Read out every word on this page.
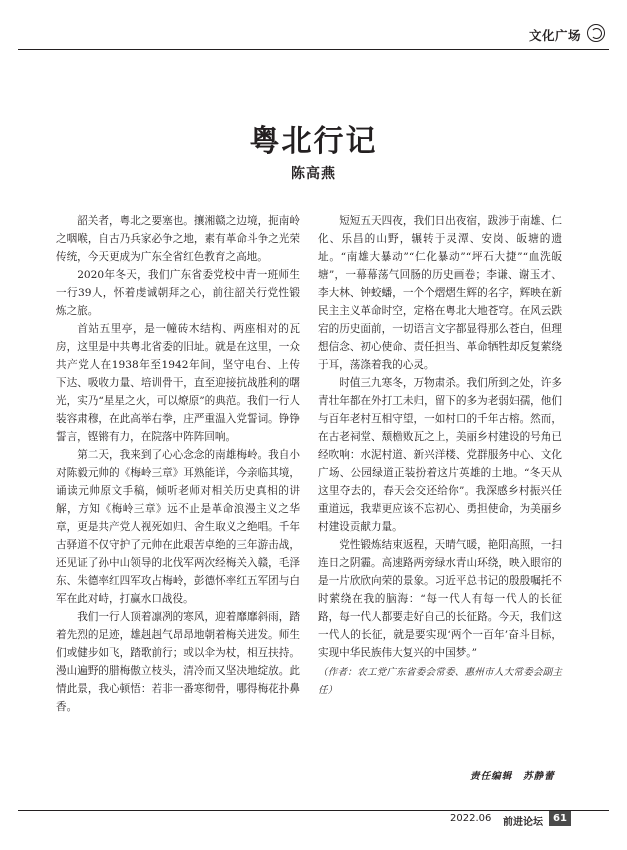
文化广场
粤北行记
陈高燕

韶关者，粤北之要塞也。攘湘赣之边境，扼南岭之咽喉，自古乃兵家必争之地，素有革命斗争之光荣传统，今天更成为广东全省红色教育之高地。

2020年冬天，我们广东省委党校中青一班师生一行39人，怀着虔诚朝拜之心，前往韶关行党性锻炼之旅。

首站五里亭，是一幢砖木结构、两座相对的瓦房，这里是中共粤北省委的旧址。就是在这里，一众共产党人在1938年至1942年间，坚守电台、上传下达、吸收力量、培训骨干，直至迎接抗战胜利的曙光，实乃“星星之火，可以燎原”的典范。我们一行人装容肃穆，在此高举右拳，庄严重温入党誓词。铮铮誓言，铿锵有力，在院落中阵阵回响。

第二天，我来到了心心念念的南雄梅岭。我自小对陈毅元帅的《梅岭三章》耳熟能详，今亲临其境，诵读元帅原文手稿，倾听老师对相关历史真相的讲解，方知《梅岭三章》远不止是革命浪漫主义之华章，更是共产党人视死如归、舍生取义之绝唱。千年古驿道不仅守护了元帅在此艰苦卓绝的三年游击战，还见证了孙中山领导的北伐军两次经梅关入赣，毛泽东、朱德率红四军攻占梅岭，彭德怀率红五军团与白军在此对峙，打赢水口战役。

我们一行人顶着凛冽的寒风，迎着靡靡斜雨，踏着先烈的足迹，雄赳赳气昂昂地朝着梅关进发。师生们或健步如飞，踏歌前行；或以伞为杖，相互扶持。漫山遍野的腊梅傲立枝头，清冷而又坚决地绽放。此情此景，我心顿悟：若非一番寒彻骨，哪得梅花扑鼻香。

短短五天四夜，我们日出夜宿，跋涉于南雄、仁化、乐昌的山野，辗转于灵潭、安岗、皈塘的遗址。“南雄大暴动”“仁化暴动”“坪石大捷”“血洗皈塘”，一幕幕荡气回肠的历史画卷；李谦、谢玉才、李大林、钟蛟蟠，一个个熠熠生辉的名字，辉映在新民主主义革命时空，定格在粤北大地苍穹。在风云跌宕的历史面前，一切语言文字都显得那么苍白，但理想信念、初心使命、责任担当、革命牺牲却反复萦绕于耳，荡涤着我的心灵。

时值三九寒冬，万物肃杀。我们所到之处，许多青壮年都在外打工未归，留下的多为老弱妇孺，他们与百年老村互相守望，一如村口的千年古榕。然而，在古老祠堂、颓檐败瓦之上，美丽乡村建设的号角已经吹响：水泥村道、新兴洋楼、党群服务中心、文化广场、公园绿道正装扮着这片英雄的土地。“冬天从这里夺去的，春天会交还给你”。我深感乡村振兴任重道远，我辈更应该不忘初心、勇担使命，为美丽乡村建设贡献力量。

党性锻炼结束返程，天晴气暖，艳阳高照，一扫连日之阴霾。高速路两旁绿水青山环绕，映入眼帘的是一片欣欣向荣的景象。习近平总书记的殷殷嘱托不时萦绕在我的脑海：“每一代人有每一代人的长征路，每一代人都要走好自己的长征路。今天，我们这一代人的长征，就是要实现‘两个一百年’奋斗目标，实现中华民族伟大复兴的中国梦。”

（作者：农工党广东省委会常委、惠州市人大常委会副主任）
责任编辑　苏静蕾
2022.06 前进论坛	61
